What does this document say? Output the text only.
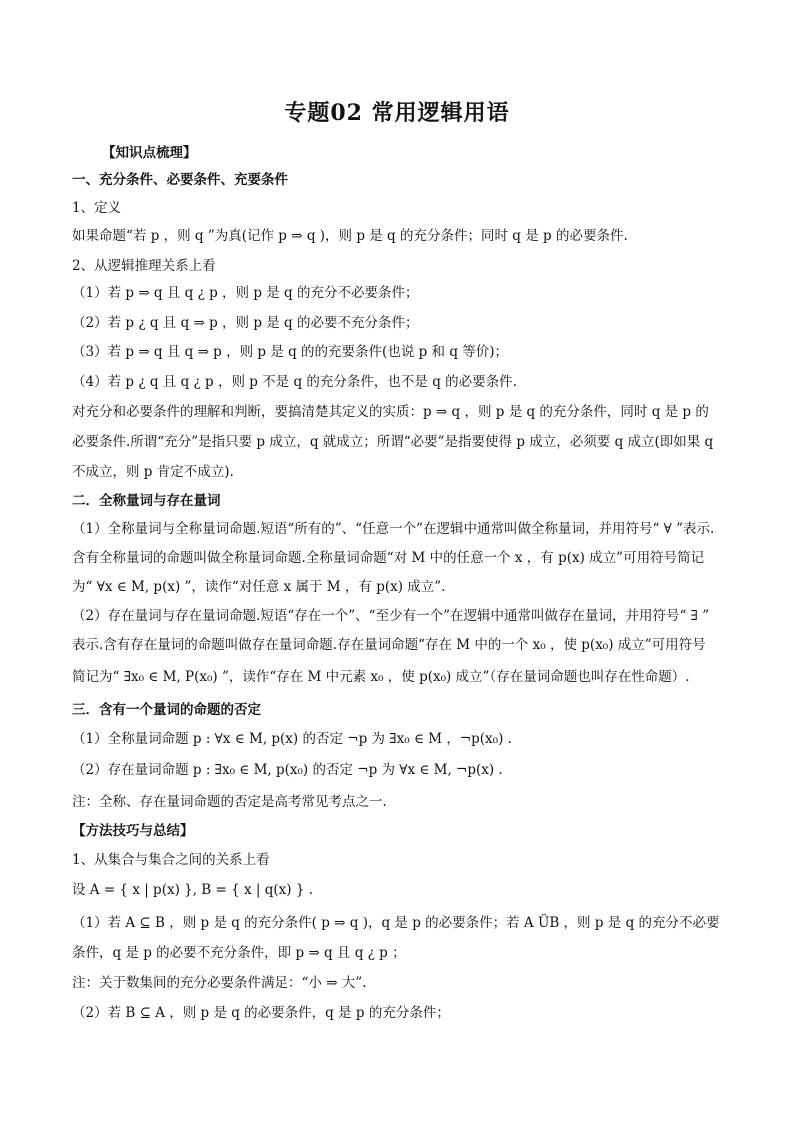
专题02 常用逻辑用语
【知识点梳理】
一、充分条件、必要条件、充要条件
1、定义
如果命题“若 p ，则 q ”为真(记作 p ⇒ q )，则 p 是 q 的充分条件；同时 q 是 p 的必要条件.
2、从逻辑推理关系上看
（1）若 p ⇒ q 且 q ¿ p ，则 p 是 q 的充分不必要条件；
（2）若 p ¿ q 且 q ⇒ p ，则 p 是 q 的必要不充分条件；
（3）若 p ⇒ q 且 q ⇒ p ，则 p 是 q 的的充要条件(也说 p 和 q 等价)；
（4）若 p ¿ q 且 q ¿ p ，则 p 不是 q 的充分条件，也不是 q 的必要条件.
对充分和必要条件的理解和判断，要搞清楚其定义的实质：p ⇒ q ，则 p 是 q 的充分条件，同时 q 是 p 的
必要条件.所谓“充分”是指只要 p 成立，q 就成立；所谓“必要”是指要使得 p 成立，必须要 q 成立(即如果 q
不成立，则 p 肯定不成立).
二．全称量词与存在量词
（1）全称量词与全称量词命题.短语“所有的”、“任意一个”在逻辑中通常叫做全称量词，并用符号“ ∀ ”表示.
含有全称量词的命题叫做全称量词命题.全称量词命题“对 M 中的任意一个 x ，有 p(x) 成立”可用符号简记
为“ ∀x ∈ M, p(x) ”，读作“对任意 x 属于 M ，有 p(x) 成立”.
（2）存在量词与存在量词命题.短语“存在一个”、“至少有一个”在逻辑中通常叫做存在量词，并用符号“ ∃ ”
表示.含有存在量词的命题叫做存在量词命题.存在量词命题“存在 M 中的一个 x₀ ，使 p(x₀) 成立”可用符号
简记为“ ∃x₀ ∈ M, P(x₀) ”，读作“存在 M 中元素 x₀ ，使 p(x₀) 成立”（存在量词命题也叫存在性命题）.
三．含有一个量词的命题的否定
（1）全称量词命题 p : ∀x ∈ M, p(x) 的否定 ¬p 为 ∃x₀ ∈ M ，¬p(x₀) .
（2）存在量词命题 p : ∃x₀ ∈ M, p(x₀) 的否定 ¬p 为 ∀x ∈ M, ¬p(x) .
注：全称、存在量词命题的否定是高考常见考点之一.
【方法技巧与总结】
1、从集合与集合之间的关系上看
设 A = { x | p(x) }, B = { x | q(x) } .
（1）若 A ⊆ B ，则 p 是 q 的充分条件( p ⇒ q )，q 是 p 的必要条件；若 A ÜB ，则 p 是 q 的充分不必要
条件，q 是 p 的必要不充分条件，即 p ⇒ q 且 q ¿ p ；
注：关于数集间的充分必要条件满足：“小 ⇒ 大”.
（2）若 B ⊆ A ，则 p 是 q 的必要条件，q 是 p 的充分条件；
